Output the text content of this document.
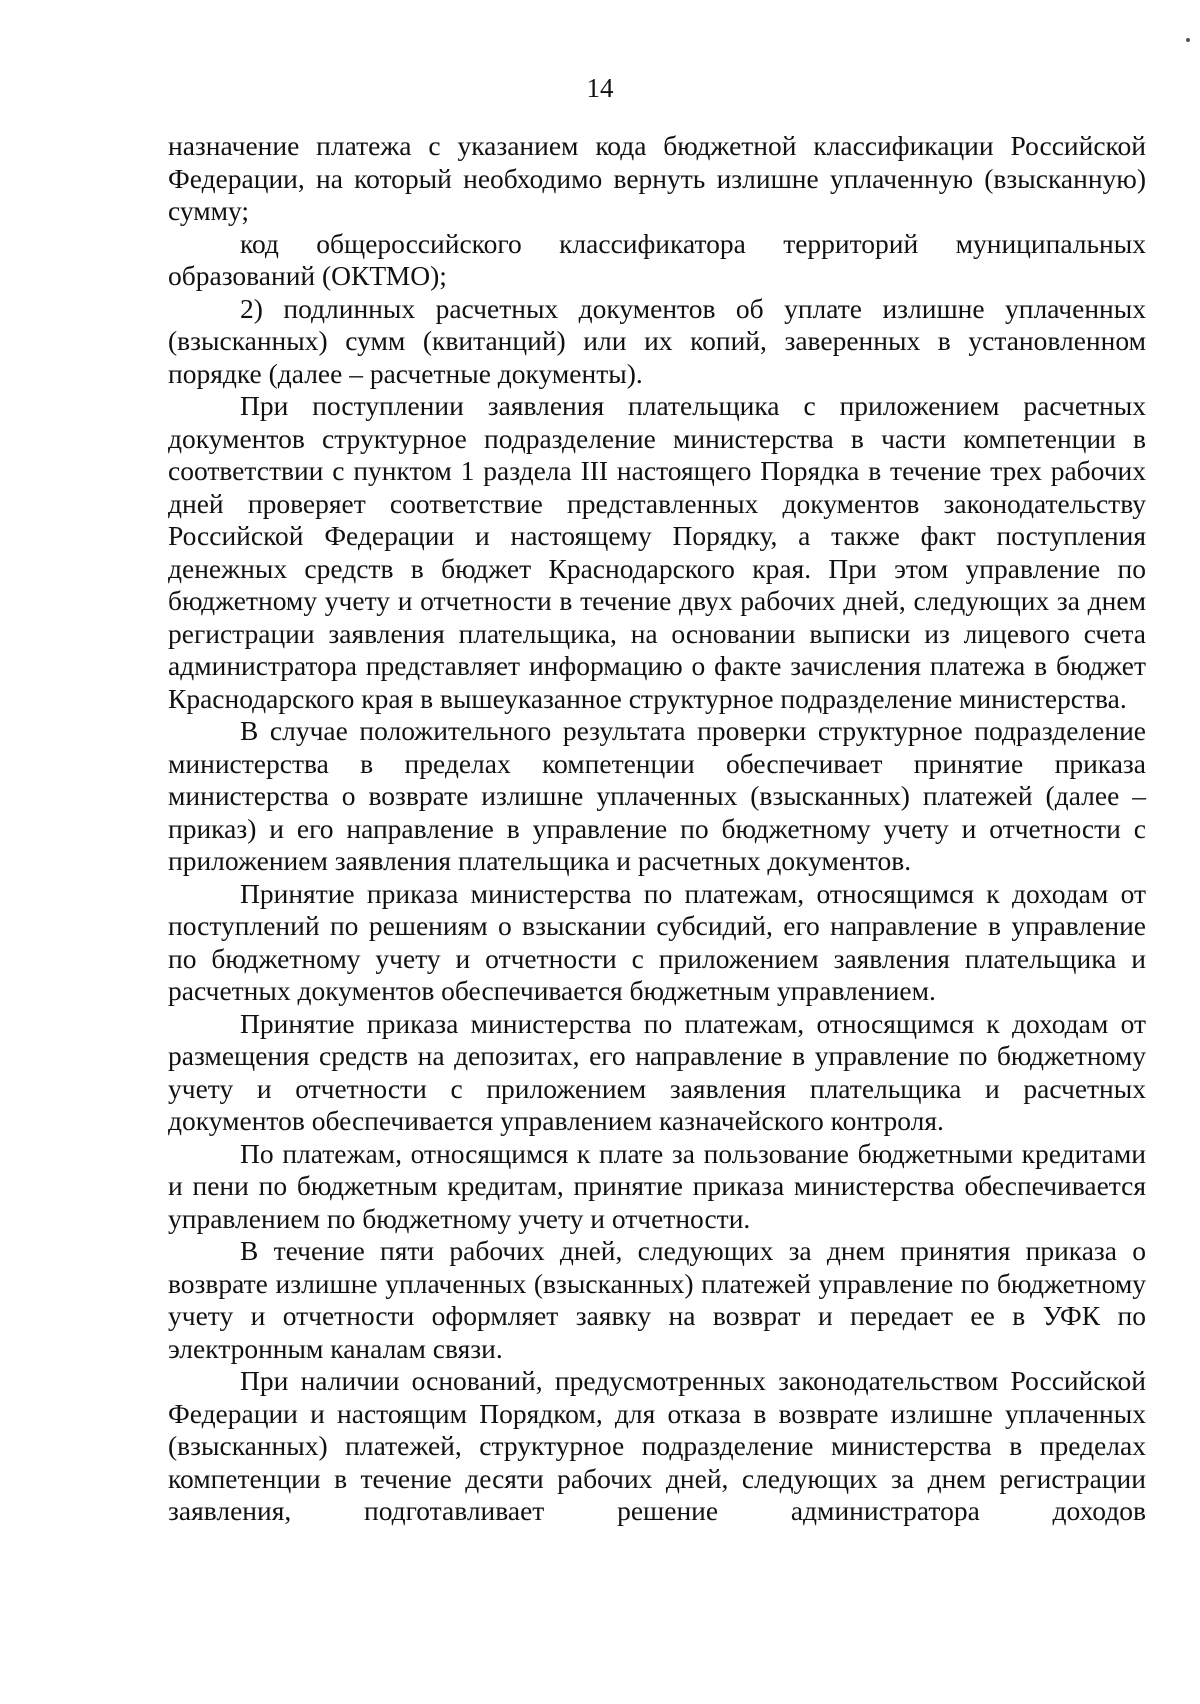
14

назначение платежа с указанием кода бюджетной классификации Российской Федерации, на который необходимо вернуть излишне уплаченную (взысканную) сумму;

код общероссийского классификатора территорий муниципальных образований (ОКТМО);

2) подлинных расчетных документов об уплате излишне уплаченных (взысканных) сумм (квитанций) или их копий, заверенных в установленном порядке (далее – расчетные документы).

При поступлении заявления плательщика с приложением расчетных документов структурное подразделение министерства в части компетенции в соответствии с пунктом 1 раздела III настоящего Порядка в течение трех рабочих дней проверяет соответствие представленных документов законодательству Российской Федерации и настоящему Порядку, а также факт поступления денежных средств в бюджет Краснодарского края. При этом управление по бюджетному учету и отчетности в течение двух рабочих дней, следующих за днем регистрации заявления плательщика, на основании выписки из лицевого счета администратора представляет информацию о факте зачисления платежа в бюджет Краснодарского края в вышеуказанное структурное подразделение министерства.

В случае положительного результата проверки структурное подразделение министерства в пределах компетенции обеспечивает принятие приказа министерства о возврате излишне уплаченных (взысканных) платежей (далее – приказ) и его направление в управление по бюджетному учету и отчетности с приложением заявления плательщика и расчетных документов.

Принятие приказа министерства по платежам, относящимся к доходам от поступлений по решениям о взыскании субсидий, его направление в управление по бюджетному учету и отчетности с приложением заявления плательщика и расчетных документов обеспечивается бюджетным управлением.

Принятие приказа министерства по платежам, относящимся к доходам от размещения средств на депозитах, его направление в управление по бюджетному учету и отчетности с приложением заявления плательщика и расчетных документов обеспечивается управлением казначейского контроля.

По платежам, относящимся к плате за пользование бюджетными кредитами и пени по бюджетным кредитам, принятие приказа министерства обеспечивается управлением по бюджетному учету и отчетности.

В течение пяти рабочих дней, следующих за днем принятия приказа о возврате излишне уплаченных (взысканных) платежей управление по бюджетному учету и отчетности оформляет заявку на возврат и передает ее в УФК по электронным каналам связи.

При наличии оснований, предусмотренных законодательством Российской Федерации и настоящим Порядком, для отказа в возврате излишне уплаченных (взысканных) платежей, структурное подразделение министерства в пределах компетенции в течение десяти рабочих дней, следующих за днем регистрации заявления, подготавливает решение администратора доходов
